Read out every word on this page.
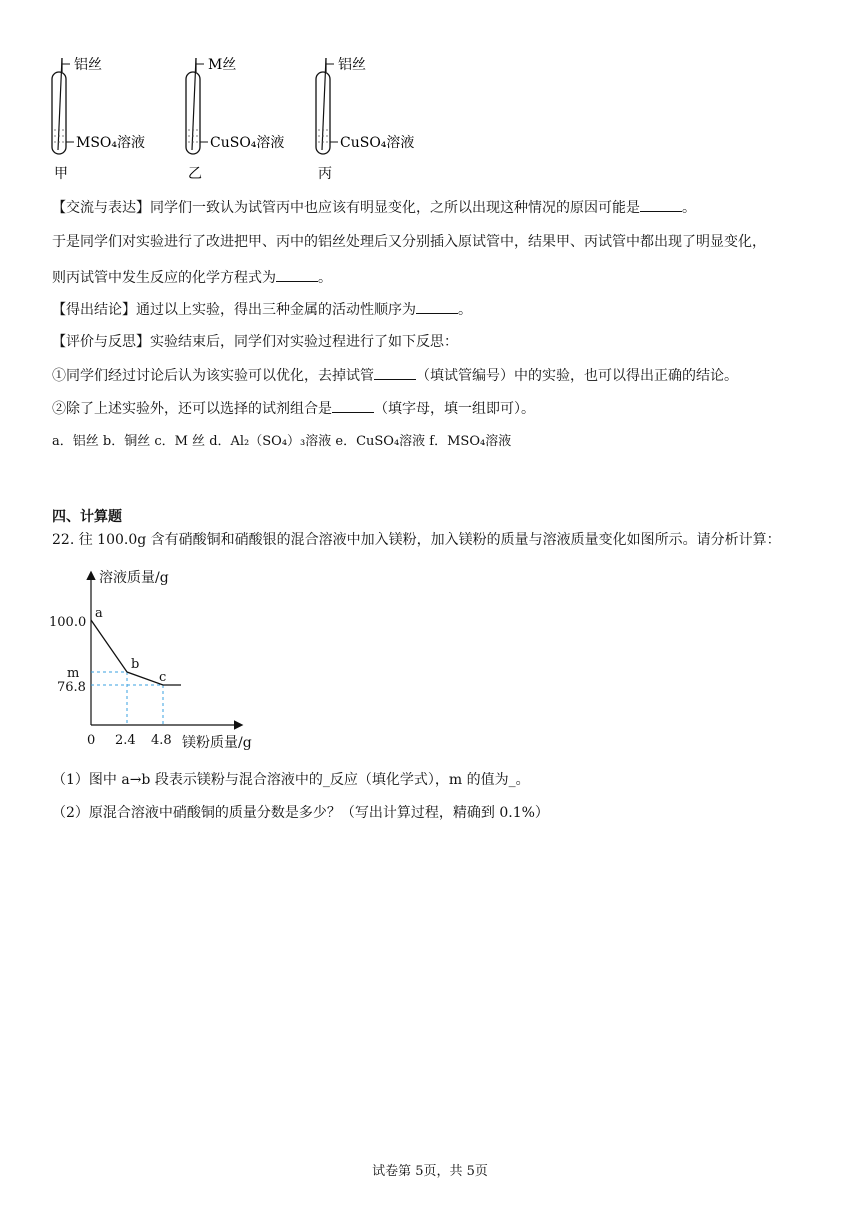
铝丝
MSO₄溶液
甲
M丝
CuSO₄溶液
乙
铝丝
CuSO₄溶液
丙
【交流与表达】同学们一致认为试管丙中也应该有明显变化，之所以出现这种情况的原因可能是	。
于是同学们对实验进行了改进把甲、丙中的铝丝处理后又分别插入原试管中，结果甲、丙试管中都出现了明显变化，
则丙试管中发生反应的化学方程式为	。
【得出结论】通过以上实验，得出三种金属的活动性顺序为	。
【评价与反思】实验结束后，同学们对实验过程进行了如下反思：
①同学们经过讨论后认为该实验可以优化，去掉试管	（填试管编号）中的实验，也可以得出正确的结论。
②除了上述实验外，还可以选择的试剂组合是	（填字母，填一组即可）。
a．铝丝 b．铜丝 c．M 丝 d．Al₂（SO₄）₃溶液 e．CuSO₄溶液 f．MSO₄溶液
四、计算题
22. 往 100.0g 含有硝酸铜和硝酸银的混合溶液中加入镁粉，加入镁粉的质量与溶液质量变化如图所示。请分析计算：
溶液质量/g
镁粉质量/g
100.0
m
76.8
0 2.4 4.8
a
b
c
（1）图中 a→b 段表示镁粉与混合溶液中的_反应（填化学式），m 的值为_。
（2）原混合溶液中硝酸铜的质量分数是多少？（写出计算过程，精确到 0.1%）
试卷第 5页，共 5页
